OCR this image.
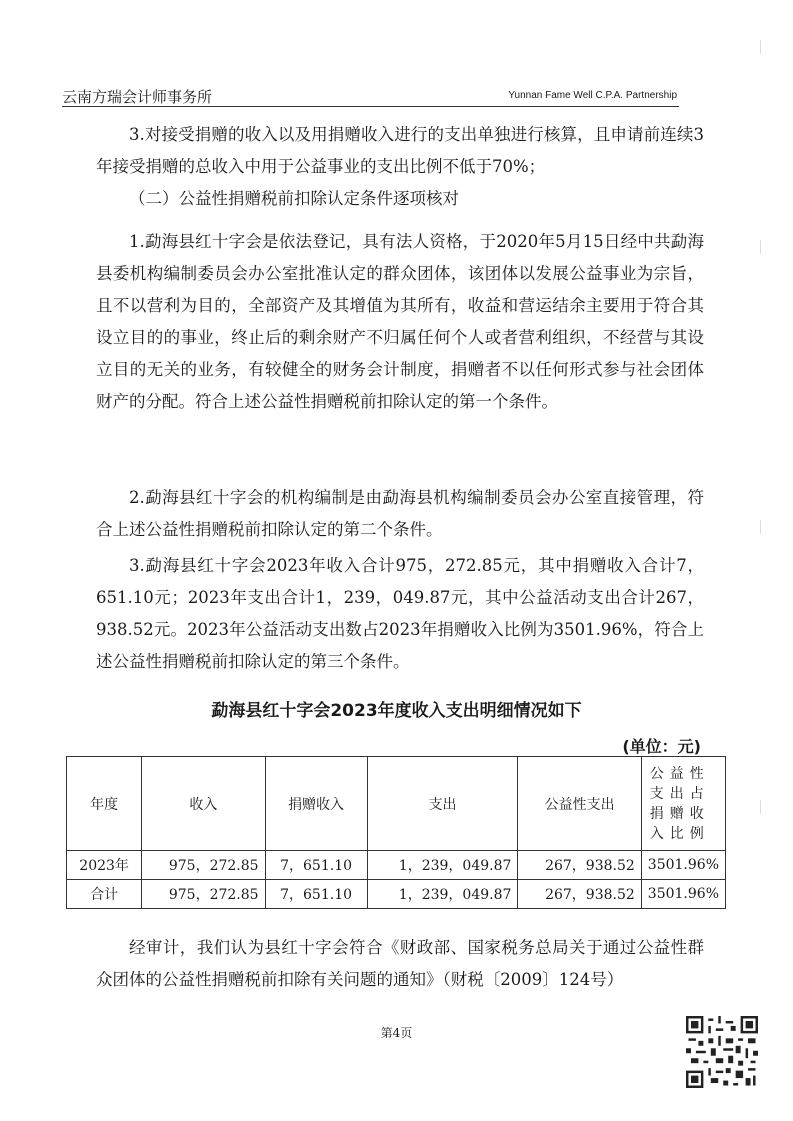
云南方瑞会计师事务所	Yunnan Fame Well C.P.A. Partnership

3.对接受捐赠的收入以及用捐赠收入进行的支出单独进行核算，且申请前连续3年接受捐赠的总收入中用于公益事业的支出比例不低于70%；

（二）公益性捐赠税前扣除认定条件逐项核对

1.勐海县红十字会是依法登记，具有法人资格，于2020年5月15日经中共勐海县委机构编制委员会办公室批准认定的群众团体，该团体以发展公益事业为宗旨，且不以营利为目的，全部资产及其增值为其所有，收益和营运结余主要用于符合其设立目的的事业，终止后的剩余财产不归属任何个人或者营利组织，不经营与其设立目的无关的业务，有较健全的财务会计制度，捐赠者不以任何形式参与社会团体财产的分配。符合上述公益性捐赠税前扣除认定的第一个条件。

2.勐海县红十字会的机构编制是由勐海县机构编制委员会办公室直接管理，符合上述公益性捐赠税前扣除认定的第二个条件。

3.勐海县红十字会2023年收入合计975，272.85元，其中捐赠收入合计7，651.10元；2023年支出合计1，239，049.87元，其中公益活动支出合计267，938.52元。2023年公益活动支出数占2023年捐赠收入比例为3501.96%，符合上述公益性捐赠税前扣除认定的第三个条件。

勐海县红十字会2023年度收入支出明细情况如下
(单位：元)
年度	收入	捐赠收入	支出	公益性支出	公益性支出占捐赠收入比例
2023年	975，272.85	7，651.10	1，239，049.87	267，938.52	3501.96%
合计	975，272.85	7，651.10	1，239，049.87	267，938.52	3501.96%

经审计，我们认为县红十字会符合《财政部、国家税务总局关于通过公益性群众团体的公益性捐赠税前扣除有关问题的通知》（财税〔2009〕124号）

第4页
